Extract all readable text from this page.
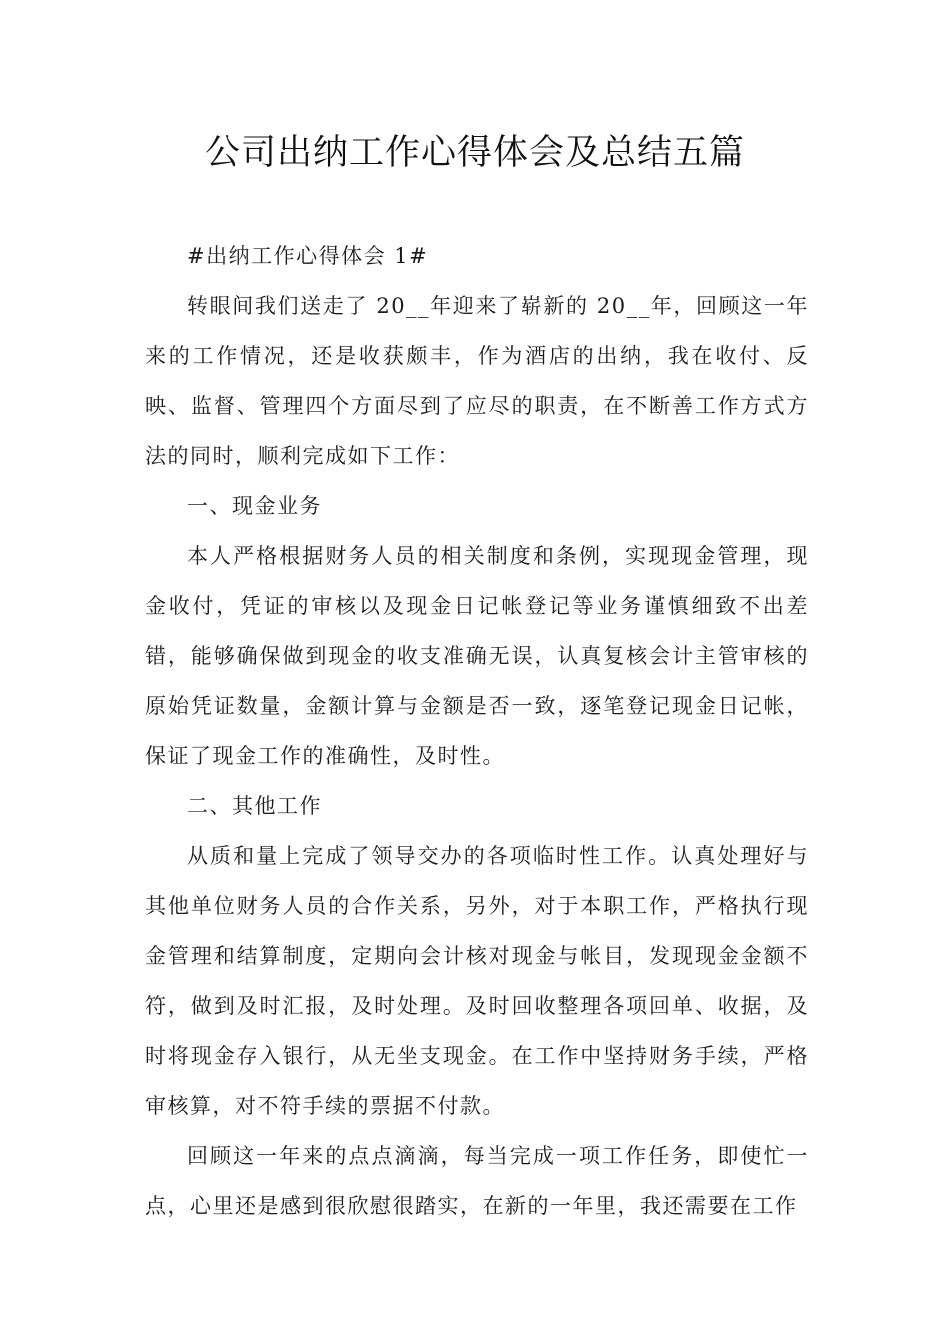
公司出纳工作心得体会及总结五篇

#出纳工作心得体会 1#

转眼间我们送走了 20__年迎来了崭新的 20__年，回顾这一年来的工作情况，还是收获颇丰，作为酒店的出纳，我在收付、反映、监督、管理四个方面尽到了应尽的职责，在不断善工作方式方法的同时，顺利完成如下工作：

一、现金业务

本人严格根据财务人员的相关制度和条例，实现现金管理，现金收付，凭证的审核以及现金日记帐登记等业务谨慎细致不出差错，能够确保做到现金的收支准确无误，认真复核会计主管审核的原始凭证数量，金额计算与金额是否一致，逐笔登记现金日记帐，保证了现金工作的准确性，及时性。

二、其他工作

从质和量上完成了领导交办的各项临时性工作。认真处理好与其他单位财务人员的合作关系，另外，对于本职工作，严格执行现金管理和结算制度，定期向会计核对现金与帐目，发现现金金额不符，做到及时汇报，及时处理。及时回收整理各项回单、收据，及时将现金存入银行，从无坐支现金。在工作中坚持财务手续，严格审核算，对不符手续的票据不付款。

回顾这一年来的点点滴滴，每当完成一项工作任务，即使忙一点，心里还是感到很欣慰很踏实，在新的一年里，我还需要在工作
